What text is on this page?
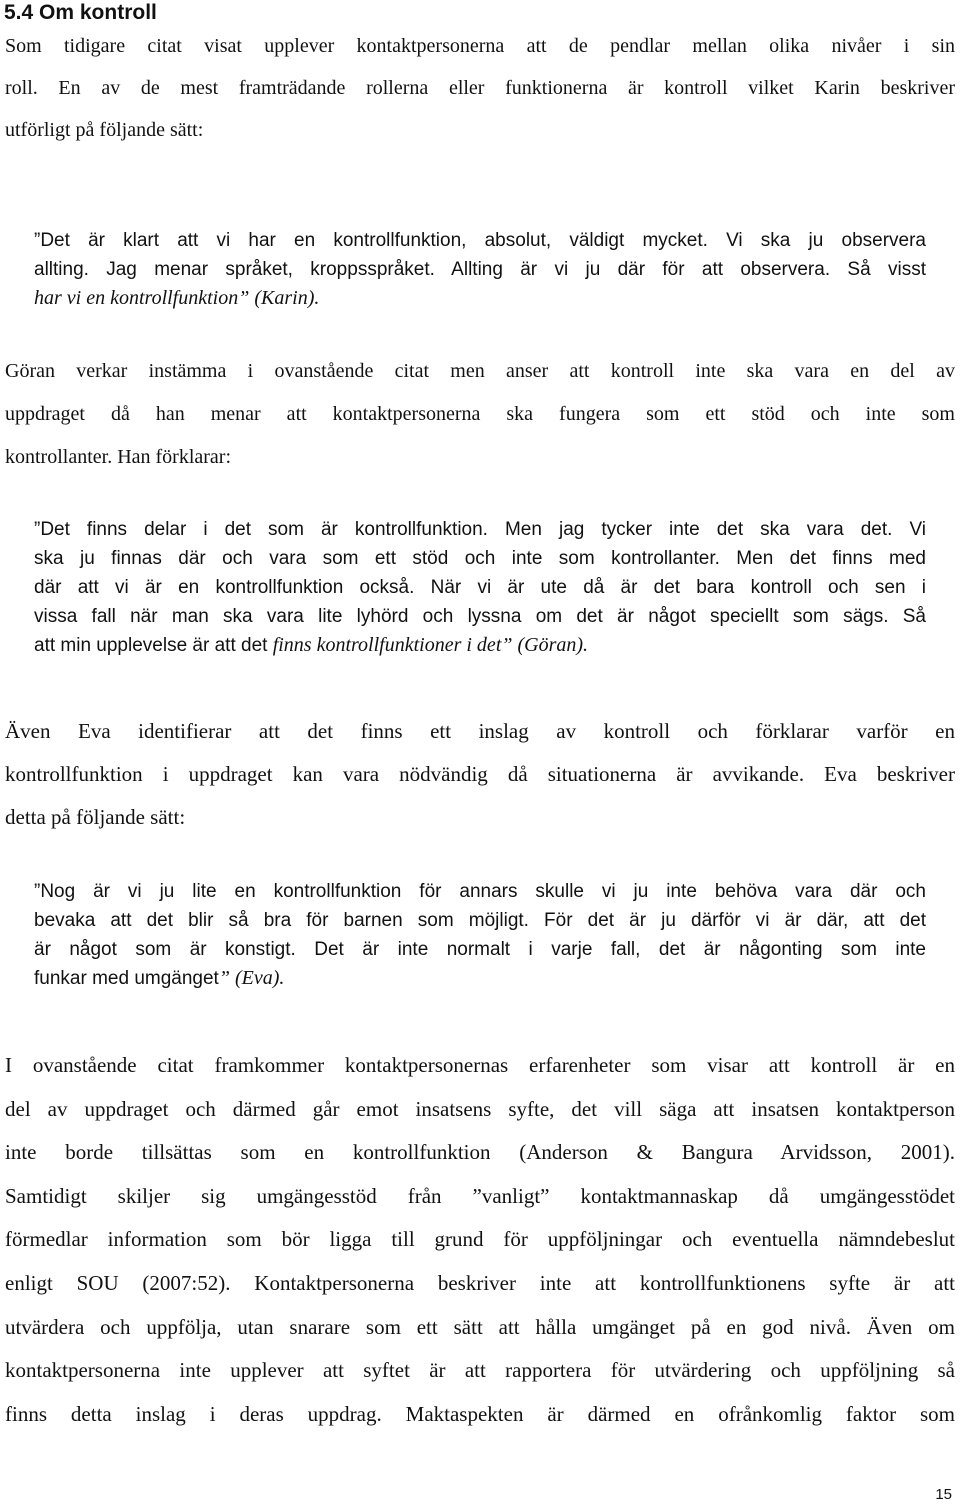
5.4 Om kontroll
Som tidigare citat visat upplever kontaktpersonerna att de pendlar mellan olika nivåer i sin
roll. En av de mest framträdande rollerna eller funktionerna är kontroll vilket Karin beskriver
utförligt på följande sätt:
”Det är klart att vi har en kontrollfunktion, absolut, väldigt mycket. Vi ska ju observera
allting. Jag menar språket, kroppsspråket. Allting är vi ju där för att observera. Så visst
har vi en kontrollfunktion” (Karin).
Göran verkar instämma i ovanstående citat men anser att kontroll inte ska vara en del av
uppdraget då han menar att kontaktpersonerna ska fungera som ett stöd och inte som
kontrollanter. Han förklarar:
”Det finns delar i det som är kontrollfunktion. Men jag tycker inte det ska vara det. Vi
ska ju finnas där och vara som ett stöd och inte som kontrollanter. Men det finns med
där att vi är en kontrollfunktion också. När vi är ute då är det bara kontroll och sen i
vissa fall när man ska vara lite lyhörd och lyssna om det är något speciellt som sägs. Så
att min upplevelse är att det finns kontrollfunktioner i det” (Göran).
Även Eva identifierar att det finns ett inslag av kontroll och förklarar varför en
kontrollfunktion i uppdraget kan vara nödvändig då situationerna är avvikande. Eva beskriver
detta på följande sätt:
”Nog är vi ju lite en kontrollfunktion för annars skulle vi ju inte behöva vara där och
bevaka att det blir så bra för barnen som möjligt. För det är ju därför vi är där, att det
är något som är konstigt. Det är inte normalt i varje fall, det är någonting som inte
funkar med umgänget” (Eva).
I ovanstående citat framkommer kontaktpersonernas erfarenheter som visar att kontroll är en
del av uppdraget och därmed går emot insatsens syfte, det vill säga att insatsen kontaktperson
inte borde tillsättas som en kontrollfunktion (Anderson & Bangura Arvidsson, 2001).
Samtidigt skiljer sig umgängesstöd från ”vanligt” kontaktmannaskap då umgängesstödet
förmedlar information som bör ligga till grund för uppföljningar och eventuella nämndebeslut
enligt SOU (2007:52). Kontaktpersonerna beskriver inte att kontrollfunktionens syfte är att
utvärdera och uppfölja, utan snarare som ett sätt att hålla umgänget på en god nivå. Även om
kontaktpersonerna inte upplever att syftet är att rapportera för utvärdering och uppföljning så
finns detta inslag i deras uppdrag. Maktaspekten är därmed en ofrånkomlig faktor som
15
